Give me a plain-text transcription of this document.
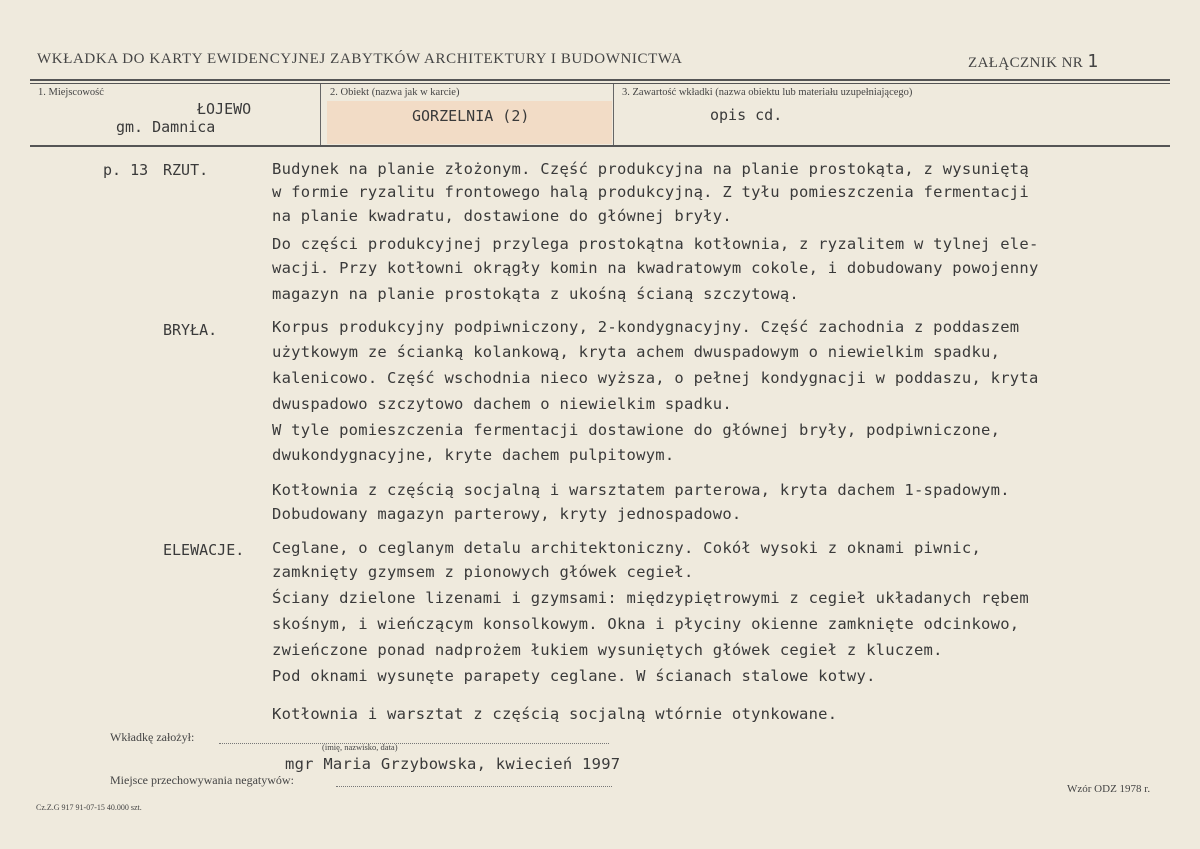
WKŁADKA DO KARTY EWIDENCYJNEJ ZABYTKÓW ARCHITEKTURY I BUDOWNICTWA	ZAŁĄCZNIK NR 1
1. Miejscowość
ŁOJEWO
gm. Damnica
2. Obiekt (nazwa jak w karcie)
GORZELNIA (2)
3. Zawartość wkładki (nazwa obiektu lub materiału uzupełniającego)
opis cd.
p. 13 RZUT.	Budynek na planie złożonym. Część produkcyjna na planie prostokąta, z wysuniętą
w formie ryzalitu frontowego halą produkcyjną. Z tyłu pomieszczenia fermentacji
na planie kwadratu, dostawione do głównej bryły.
Do części produkcyjnej przylega prostokątna kotłownia, z ryzalitem w tylnej ele-
wacji. Przy kotłowni okrągły komin na kwadratowym cokole, i dobudowany powojenny
magazyn na planie prostokąta z ukośną ścianą szczytową.
BRYŁA.	Korpus produkcyjny podpiwniczony, 2-kondygnacyjny. Część zachodnia z poddaszem
użytkowym ze ścianką kolankową, kryta achem dwuspadowym o niewielkim spadku,
kalenicowo. Część wschodnia nieco wyższa, o pełnej kondygnacji w poddaszu, kryta
dwuspadowo szczytowo dachem o niewielkim spadku.
W tyle pomieszczenia fermentacji dostawione do głównej bryły, podpiwniczone,
dwukondygnacyjne, kryte dachem pulpitowym.
Kotłownia z częścią socjalną i warsztatem parterowa, kryta dachem 1-spadowym.
Dobudowany magazyn parterowy, kryty jednospadowo.
ELEWACJE. Ceglane, o ceglanym detalu architektoniczny. Cokół wysoki z oknami piwnic,
zamknięty gzymsem z pionowych główek cegieł.
Ściany dzielone lizenami i gzymsami: międzypiętrowymi z cegieł układanych rębem
skośnym, i wieńczącym konsolkowym. Okna i płyciny okienne zamknięte odcinkowo,
zwieńczone ponad nadprożem łukiem wysuniętych główek cegieł z kluczem.
Pod oknami wysunęte parapety ceglane. W ścianach stalowe kotwy.
Kotłownia i warsztat z częścią socjalną wtórnie otynkowane.
Wkładkę założył:
(imię, nazwisko, data)
mgr Maria Grzybowska, kwiecień 1997
Miejsce przechowywania negatywów:
Cz.Z.G 917 91-07-15 40.000 szt.
Wzór ODZ 1978 r.
